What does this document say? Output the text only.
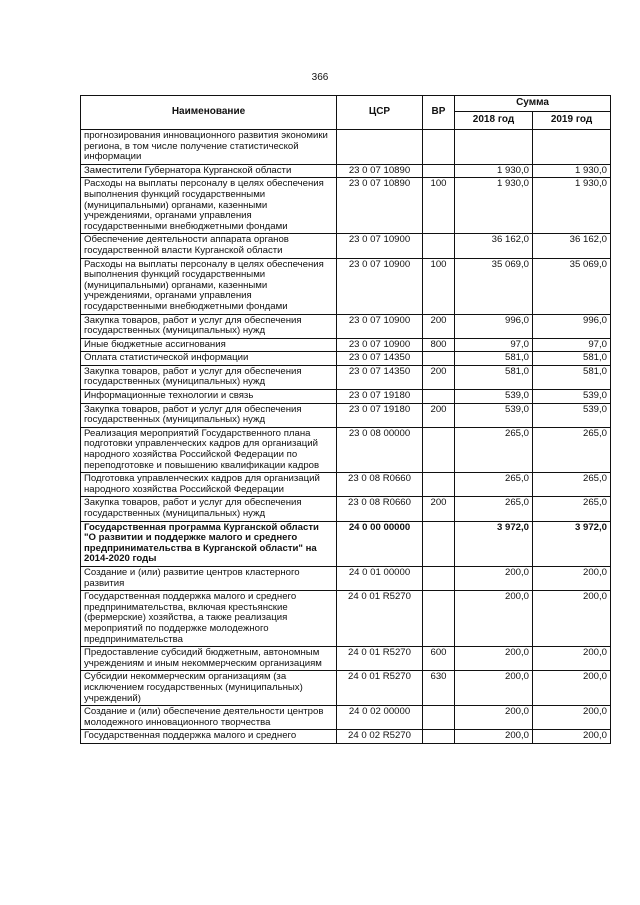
366
Наименование	ЦСР	ВР	Сумма	
			2018 год	2019 год
прогнозирования инновационного развития экономики региона, в том числе получение статистической информации				
Заместители Губернатора Курганской области	23 0 07 10890		1 930,0	1 930,0
Расходы на выплаты персоналу в целях обеспечения выполнения функций государственными (муниципальными) органами, казенными учреждениями, органами управления государственными внебюджетными фондами	23 0 07 10890	100	1 930,0	1 930,0
Обеспечение деятельности аппарата органов государственной власти Курганской области	23 0 07 10900		36 162,0	36 162,0
Расходы на выплаты персоналу в целях обеспечения выполнения функций государственными (муниципальными) органами, казенными учреждениями, органами управления государственными внебюджетными фондами	23 0 07 10900	100	35 069,0	35 069,0
Закупка товаров, работ и услуг для обеспечения государственных (муниципальных) нужд	23 0 07 10900	200	996,0	996,0
Иные бюджетные ассигнования	23 0 07 10900	800	97,0	97,0
Оплата статистической информации	23 0 07 14350		581,0	581,0
Закупка товаров, работ и услуг для обеспечения государственных (муниципальных) нужд	23 0 07 14350	200	581,0	581,0
Информационные технологии и связь	23 0 07 19180		539,0	539,0
Закупка товаров, работ и услуг для обеспечения государственных (муниципальных) нужд	23 0 07 19180	200	539,0	539,0
Реализация мероприятий Государственного плана подготовки управленческих кадров для организаций народного хозяйства Российской Федерации по переподготовке и повышению квалификации кадров	23 0 08 00000		265,0	265,0
Подготовка управленческих кадров для организаций народного хозяйства Российской Федерации	23 0 08 R0660		265,0	265,0
Закупка товаров, работ и услуг для обеспечения государственных (муниципальных) нужд	23 0 08 R0660	200	265,0	265,0
Государственная программа Курганской области "О развитии и поддержке малого и среднего предпринимательства в Курганской области" на 2014-2020 годы	24 0 00 00000		3 972,0	3 972,0
Создание и (или) развитие центров кластерного развития	24 0 01 00000		200,0	200,0
Государственная поддержка малого и среднего предпринимательства, включая крестьянские (фермерские) хозяйства, а также реализация мероприятий по поддержке молодежного предпринимательства	24 0 01 R5270		200,0	200,0
Предоставление субсидий бюджетным, автономным учреждениям и иным некоммерческим организациям	24 0 01 R5270	600	200,0	200,0
Субсидии некоммерческим организациям (за исключением государственных (муниципальных) учреждений)	24 0 01 R5270	630	200,0	200,0
Создание и (или) обеспечение деятельности центров молодежного инновационного творчества	24 0 02 00000		200,0	200,0
Государственная поддержка малого и среднего	24 0 02 R5270		200,0	200,0
